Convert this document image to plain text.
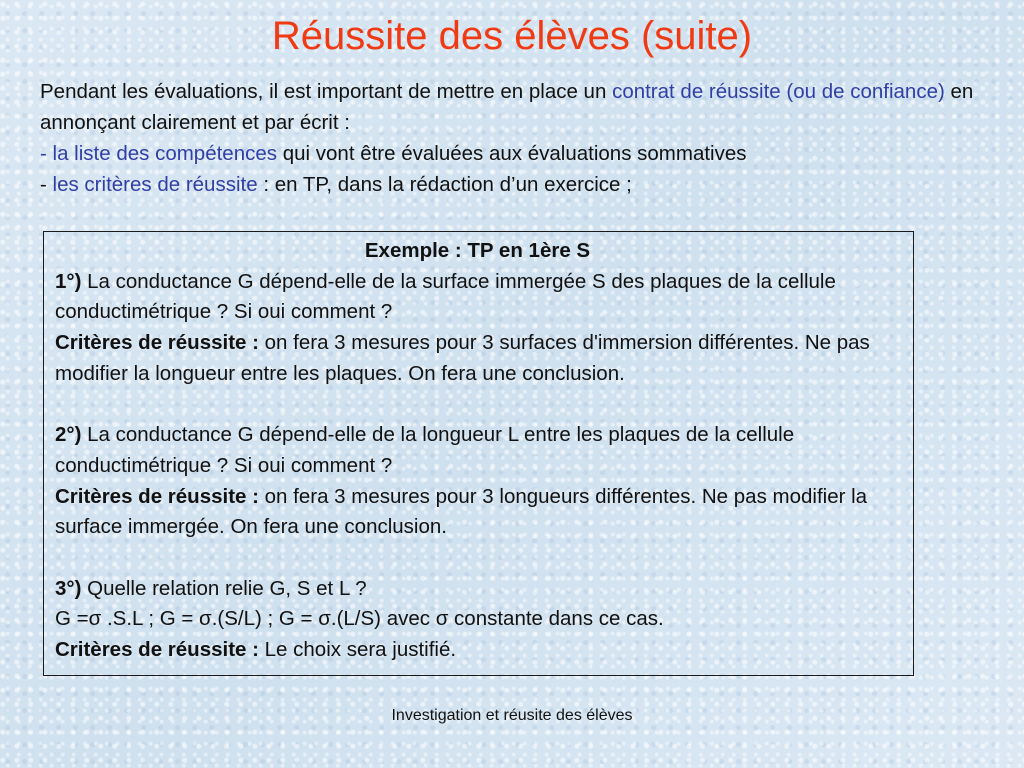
Réussite des élèves (suite)

Pendant les évaluations, il est important de mettre en place un contrat de réussite (ou de confiance) en annonçant clairement et par écrit :

- la liste des compétences qui vont être évaluées aux évaluations sommatives

- les critères de réussite : en TP, dans la rédaction d’un exercice ;

Exemple : TP en 1ère S

1°) La conductance G dépend-elle de la surface immergée S des plaques de la cellule conductimétrique ? Si oui comment ?

Critères de réussite : on fera 3 mesures pour 3 surfaces d'immersion différentes. Ne pas modifier la longueur entre les plaques. On fera une conclusion.

2°) La conductance G dépend-elle de la longueur L entre les plaques de la cellule conductimétrique ? Si oui comment ?

Critères de réussite : on fera 3 mesures pour 3 longueurs différentes. Ne pas modifier la surface immergée. On fera une conclusion.

3°) Quelle relation relie G, S et L ?

G =σ .S.L ; G = σ.(S/L) ; G = σ.(L/S) avec σ constante dans ce cas.

Critères de réussite : Le choix sera justifié.

Investigation et réusite des élèves
